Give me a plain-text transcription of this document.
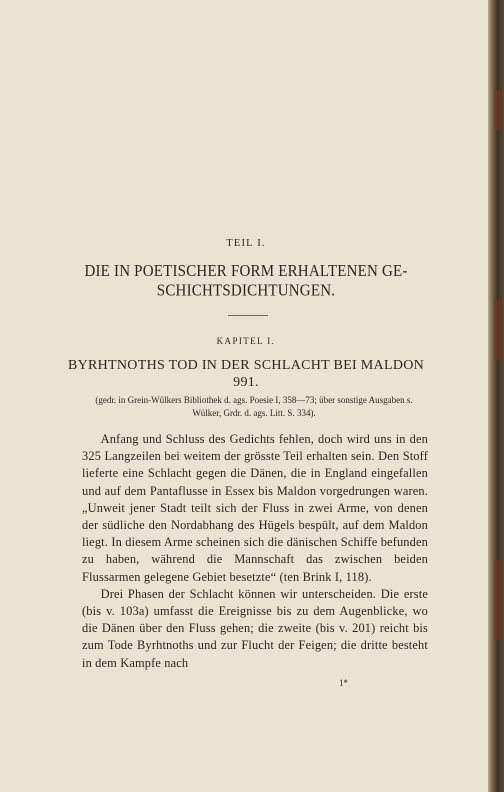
TEIL I.
DIE IN POETISCHER FORM ERHALTENEN GE-SCHICHTSDICHTUNGEN.
KAPITEL I.
BYRHTNOTHS TOD IN DER SCHLACHT BEI MALDON 991.
(gedr. in Grein-Wülkers Bibliothek d. ags. Poesie I, 358—73; über sonstige Ausgaben s. Wülker, Grdr. d. ags. Litt. S. 334).

Anfang und Schluss des Gedichts fehlen, doch wird uns in den 325 Langzeilen bei weitem der grösste Teil erhalten sein. Den Stoff lieferte eine Schlacht gegen die Dänen, die in England eingefallen und auf dem Pantaflusse in Essex bis Maldon vorgedrungen waren. „Unweit jener Stadt teilt sich der Fluss in zwei Arme, von denen der südliche den Nordabhang des Hügels bespült, auf dem Maldon liegt. In diesem Arme scheinen sich die dänischen Schiffe befunden zu haben, während die Mannschaft das zwischen beiden Flussarmen gelegene Gebiet besetzte“ (ten Brink I, 118).

Drei Phasen der Schlacht können wir unterscheiden. Die erste (bis v. 103a) umfasst die Ereignisse bis zu dem Augenblicke, wo die Dänen über den Fluss gehen; die zweite (bis v. 201) reicht bis zum Tode Byrhtnoths und zur Flucht der Feigen; die dritte besteht in dem Kampfe nach

1*
